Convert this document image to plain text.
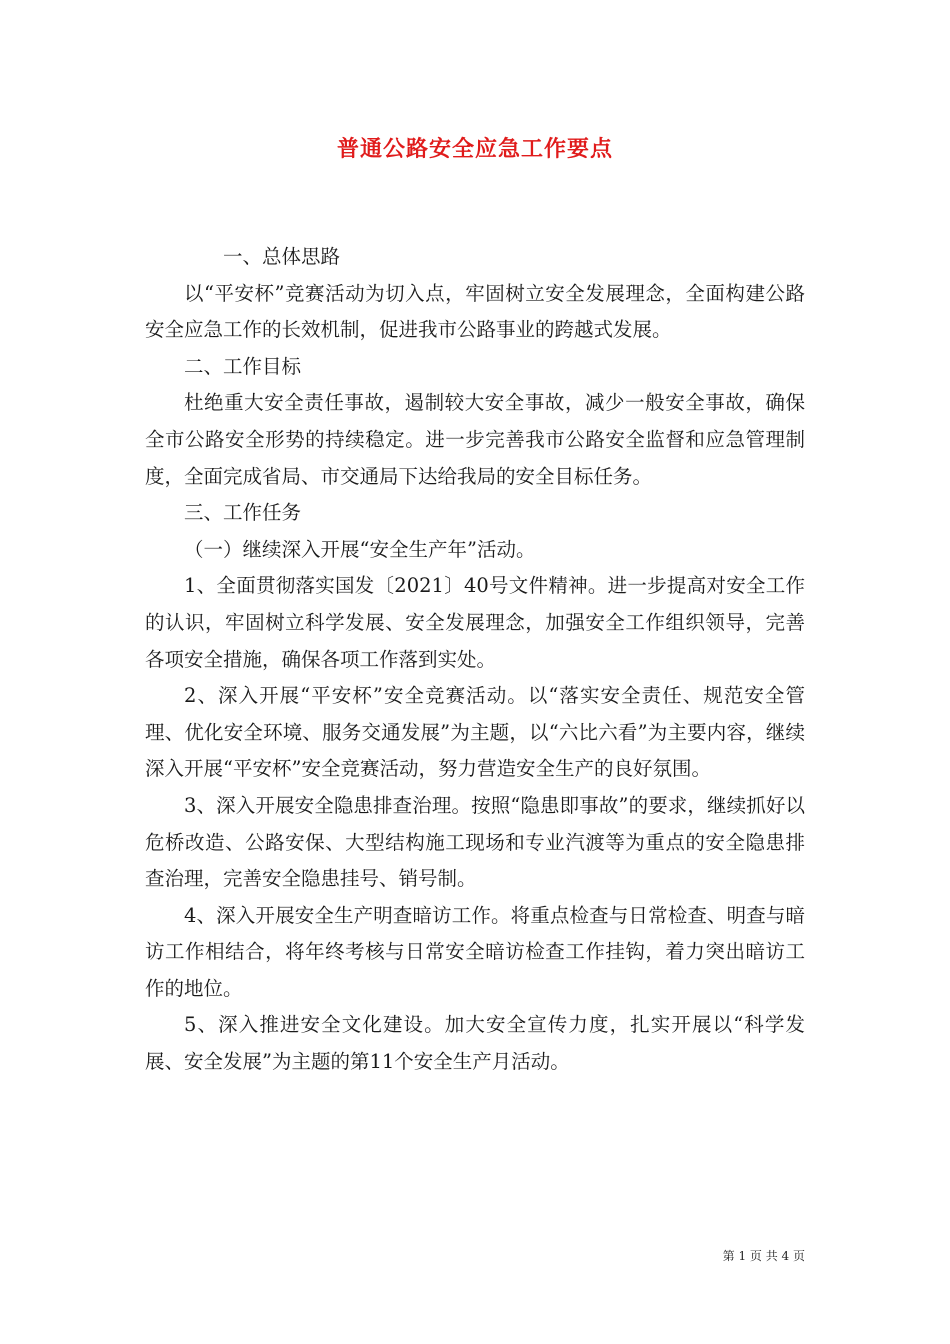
普通公路安全应急工作要点

一、总体思路

以“平安杯”竞赛活动为切入点，牢固树立安全发展理念，全面构建公路安全应急工作的长效机制，促进我市公路事业的跨越式发展。

二、工作目标

杜绝重大安全责任事故，遏制较大安全事故，减少一般安全事故，确保全市公路安全形势的持续稳定。进一步完善我市公路安全监督和应急管理制度，全面完成省局、市交通局下达给我局的安全目标任务。

三、工作任务

（一）继续深入开展“安全生产年”活动。

1、全面贯彻落实国发〔2021〕40号文件精神。进一步提高对安全工作的认识，牢固树立科学发展、安全发展理念，加强安全工作组织领导，完善各项安全措施，确保各项工作落到实处。

2、深入开展“平安杯”安全竞赛活动。以“落实安全责任、规范安全管理、优化安全环境、服务交通发展”为主题，以“六比六看”为主要内容，继续深入开展“平安杯”安全竞赛活动，努力营造安全生产的良好氛围。

3、深入开展安全隐患排查治理。按照“隐患即事故”的要求，继续抓好以危桥改造、公路安保、大型结构施工现场和专业汽渡等为重点的安全隐患排查治理，完善安全隐患挂号、销号制。

4、深入开展安全生产明查暗访工作。将重点检查与日常检查、明查与暗访工作相结合，将年终考核与日常安全暗访检查工作挂钩，着力突出暗访工作的地位。

5、深入推进安全文化建设。加大安全宣传力度，扎实开展以“科学发展、安全发展”为主题的第11个安全生产月活动。

第 1 页 共 4 页
